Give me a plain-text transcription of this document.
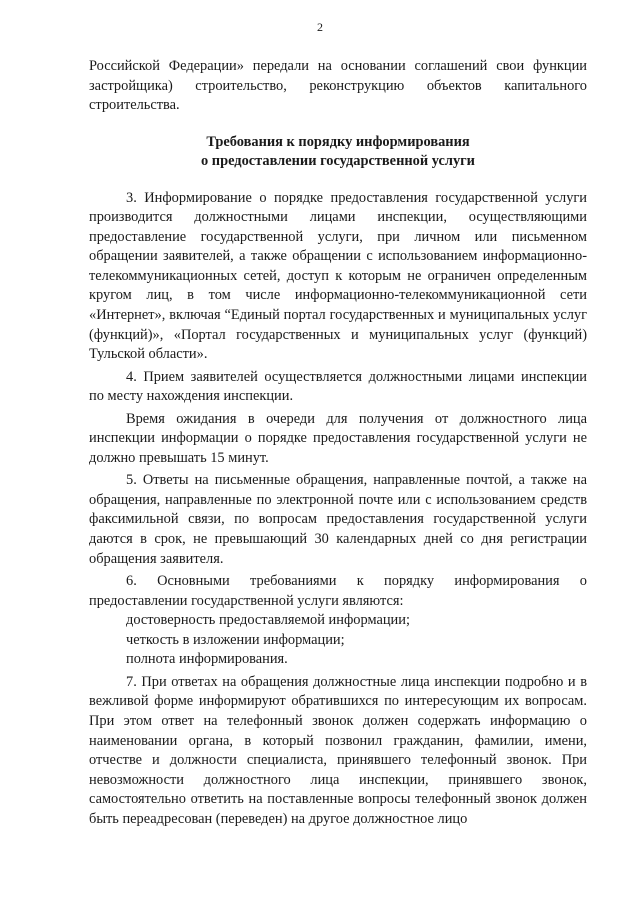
2

Российской Федерации» передали на основании соглашений свои функции застройщика) строительство, реконструкцию объектов капитального строительства.

Требования к порядку информирования
о предоставлении государственной услуги

3. Информирование о порядке предоставления государственной услуги производится должностными лицами инспекции, осуществляющими предоставление государственной услуги, при личном или письменном обращении заявителей, а также обращении с использованием информационно-телекоммуникационных сетей, доступ к которым не ограничен определенным кругом лиц, в том числе информационно-телекоммуникационной сети «Интернет», включая “Единый портал государственных и муниципальных услуг (функций)», «Портал государственных и муниципальных услуг (функций) Тульской области».

4. Прием заявителей осуществляется должностными лицами инспекции по месту нахождения инспекции.

Время ожидания в очереди для получения от должностного лица инспекции информации о порядке предоставления государственной услуги не должно превышать 15 минут.

5. Ответы на письменные обращения, направленные почтой, а также на обращения, направленные по электронной почте или с использованием средств факсимильной связи, по вопросам предоставления государственной услуги даются в срок, не превышающий 30 календарных дней со дня регистрации обращения заявителя.

6. Основными требованиями к порядку информирования о предоставлении государственной услуги являются:

достоверность предоставляемой информации;

четкость в изложении информации;

полнота информирования.

7. При ответах на обращения должностные лица инспекции подробно и в вежливой форме информируют обратившихся по интересующим их вопросам. При этом ответ на телефонный звонок должен содержать информацию о наименовании органа, в который позвонил гражданин, фамилии, имени, отчестве и должности специалиста, принявшего телефонный звонок. При невозможности должностного лица инспекции, принявшего звонок, самостоятельно ответить на поставленные вопросы телефонный звонок должен быть переадресован (переведен) на другое должностное лицо
